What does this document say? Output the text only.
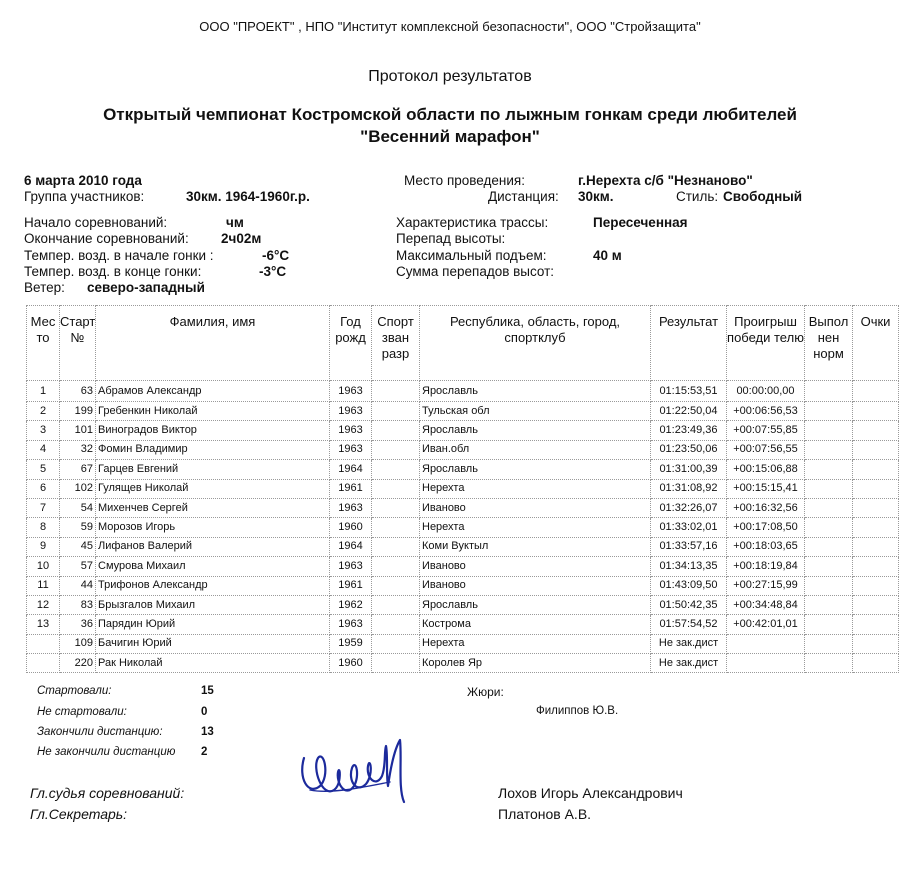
ООО "ПРОЕКТ" , НПО "Институт комплексной безопасности", ООО "Стройзащита"
Протокол результатов
Открытый чемпионат Костромской области по лыжным гонкам среди любителей "Весенний марафон"
6 марта 2010 года
Группа участников:	30км. 1964-1960г.р.
Начало соревнований:	чм
Окончание соревнований: 2ч02м
Темпер. возд. в начале гонки :	-6°C
Темпер. возд. в конце гонки:	-3°C
Ветер: северо-западный
Место проведения:	г.Нерехта с/б "Незнаново"
Дистанция: 30км.	Стиль: Свободный
Характеристика трассы:	Пересеченная
Перепад высоты:
Максимальный подъем:	40 м
Сумма перепадов высот:
Мес то	Старт №	Фамилия, имя	Год рожд	Спорт зван разр	Республика, область, город, спортклуб	Результат	Проигрыш победи телю	Выпол нен норм	Очки
1	63	Абрамов Александр	1963		Ярославль	01:15:53,51	00:00:00,00		
2	199	Гребенкин Николай	1963		Тульская обл	01:22:50,04	+00:06:56,53		
3	101	Виноградов Виктор	1963		Ярославль	01:23:49,36	+00:07:55,85		
4	32	Фомин Владимир	1963		Иван.обл	01:23:50,06	+00:07:56,55		
5	67	Гарцев Евгений	1964		Ярославль	01:31:00,39	+00:15:06,88		
6	102	Гулящев Николай	1961		Нерехта	01:31:08,92	+00:15:15,41		
7	54	Михенчев Сергей	1963		Иваново	01:32:26,07	+00:16:32,56		
8	59	Морозов Игорь	1960		Нерехта	01:33:02,01	+00:17:08,50		
9	45	Лифанов Валерий	1964		Коми Вуктыл	01:33:57,16	+00:18:03,65		
10	57	Смурова Михаил	1963		Иваново	01:34:13,35	+00:18:19,84		
11	44	Трифонов Александр	1961		Иваново	01:43:09,50	+00:27:15,99		
12	83	Брызгалов Михаил	1962		Ярославль	01:50:42,35	+00:34:48,84		
13	36	Парядин Юрий	1963		Кострома	01:57:54,52	+00:42:01,01		
	109	Бачигин Юрий	1959		Нерехта	Не зак.дист			
	220	Рак Николай	1960		Королев Яр	Не зак.дист			
Стартовали:	15
Не стартовали:	0
Закончили дистанцию:	13
Не закончили дистанцию 2
Жюри:
Филиппов Ю.В.
Гл.судья соревнований:	Лохов Игорь Александрович
Гл.Секретарь:	Платонов А.В.
